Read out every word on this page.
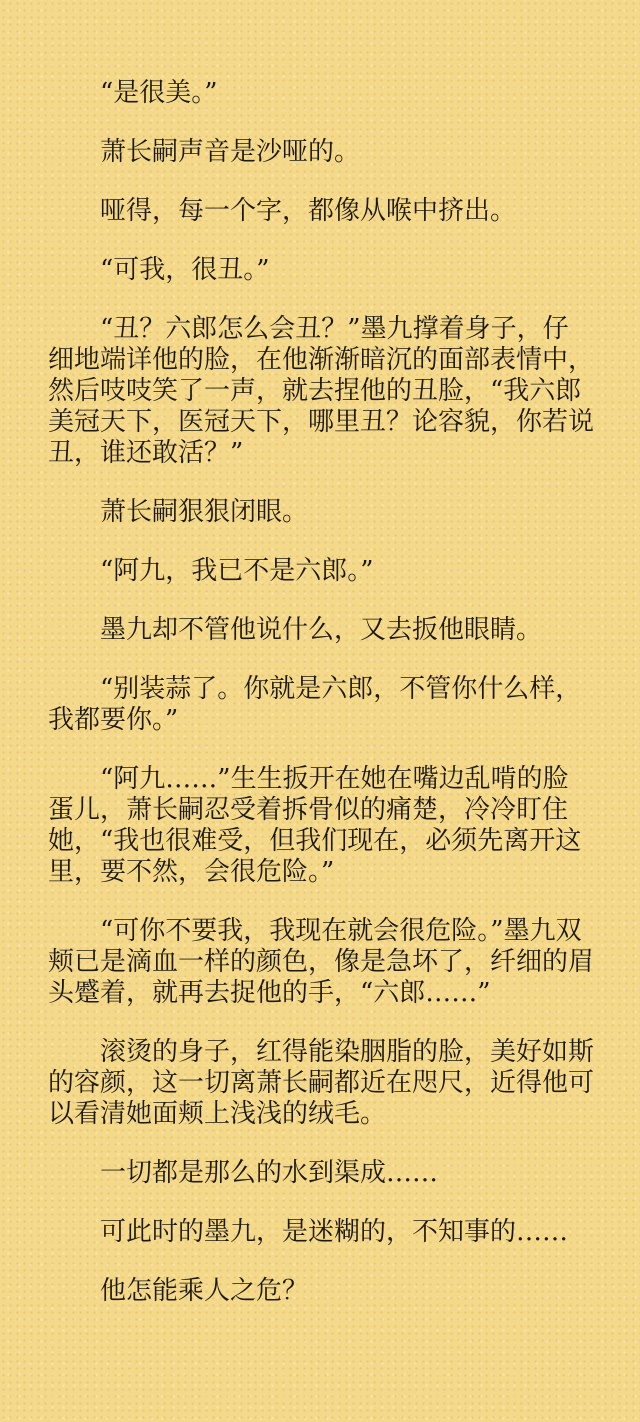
“是很美。”

萧长嗣声音是沙哑的。

哑得，每一个字，都像从喉中挤出。

“可我，很丑。”

“丑？六郎怎么会丑？”墨九撑着身子，仔细地端详他的脸，在他渐渐暗沉的面部表情中，然后吱吱笑了一声，就去捏他的丑脸，“我六郎美冠天下，医冠天下，哪里丑？论容貌，你若说丑，谁还敢活？”

萧长嗣狠狠闭眼。

“阿九，我已不是六郎。”

墨九却不管他说什么，又去扳他眼睛。

“别装蒜了。你就是六郎，不管你什么样，我都要你。”

“阿九……”生生扳开在她在嘴边乱啃的脸蛋儿，萧长嗣忍受着拆骨似的痛楚，冷冷盯住她，“我也很难受，但我们现在，必须先离开这里，要不然，会很危险。”

“可你不要我，我现在就会很危险。”墨九双颊已是滴血一样的颜色，像是急坏了，纤细的眉头蹙着，就再去捉他的手，“六郎……”

滚烫的身子，红得能染胭脂的脸，美好如斯的容颜，这一切离萧长嗣都近在咫尺，近得他可以看清她面颊上浅浅的绒毛。

一切都是那么的水到渠成……

可此时的墨九，是迷糊的，不知事的……

他怎能乘人之危？
